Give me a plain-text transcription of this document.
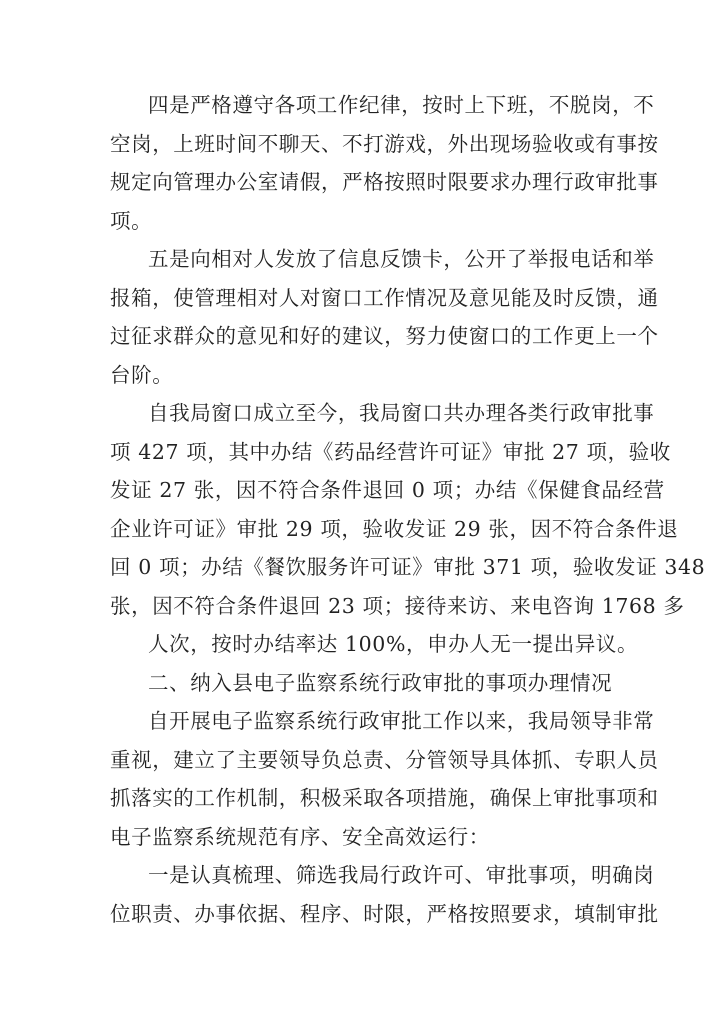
四是严格遵守各项工作纪律，按时上下班，不脱岗，不
空岗，上班时间不聊天、不打游戏，外出现场验收或有事按
规定向管理办公室请假，严格按照时限要求办理行政审批事
项。
五是向相对人发放了信息反馈卡，公开了举报电话和举
报箱，使管理相对人对窗口工作情况及意见能及时反馈，通
过征求群众的意见和好的建议，努力使窗口的工作更上一个
台阶。
自我局窗口成立至今，我局窗口共办理各类行政审批事
项 427 项，其中办结《药品经营许可证》审批 27 项，验收
发证 27 张，因不符合条件退回 0 项；办结《保健食品经营
企业许可证》审批 29 项，验收发证 29 张，因不符合条件退
回 0 项；办结《餐饮服务许可证》审批 371 项，验收发证 348
张，因不符合条件退回 23 项；接待来访、来电咨询 1768 多
人次，按时办结率达 100%，申办人无一提出异议。
二、纳入县电子监察系统行政审批的事项办理情况
自开展电子监察系统行政审批工作以来，我局领导非常
重视，建立了主要领导负总责、分管领导具体抓、专职人员
抓落实的工作机制，积极采取各项措施，确保上审批事项和
电子监察系统规范有序、安全高效运行：
一是认真梳理、筛选我局行政许可、审批事项，明确岗
位职责、办事依据、程序、时限，严格按照要求，填制审批
